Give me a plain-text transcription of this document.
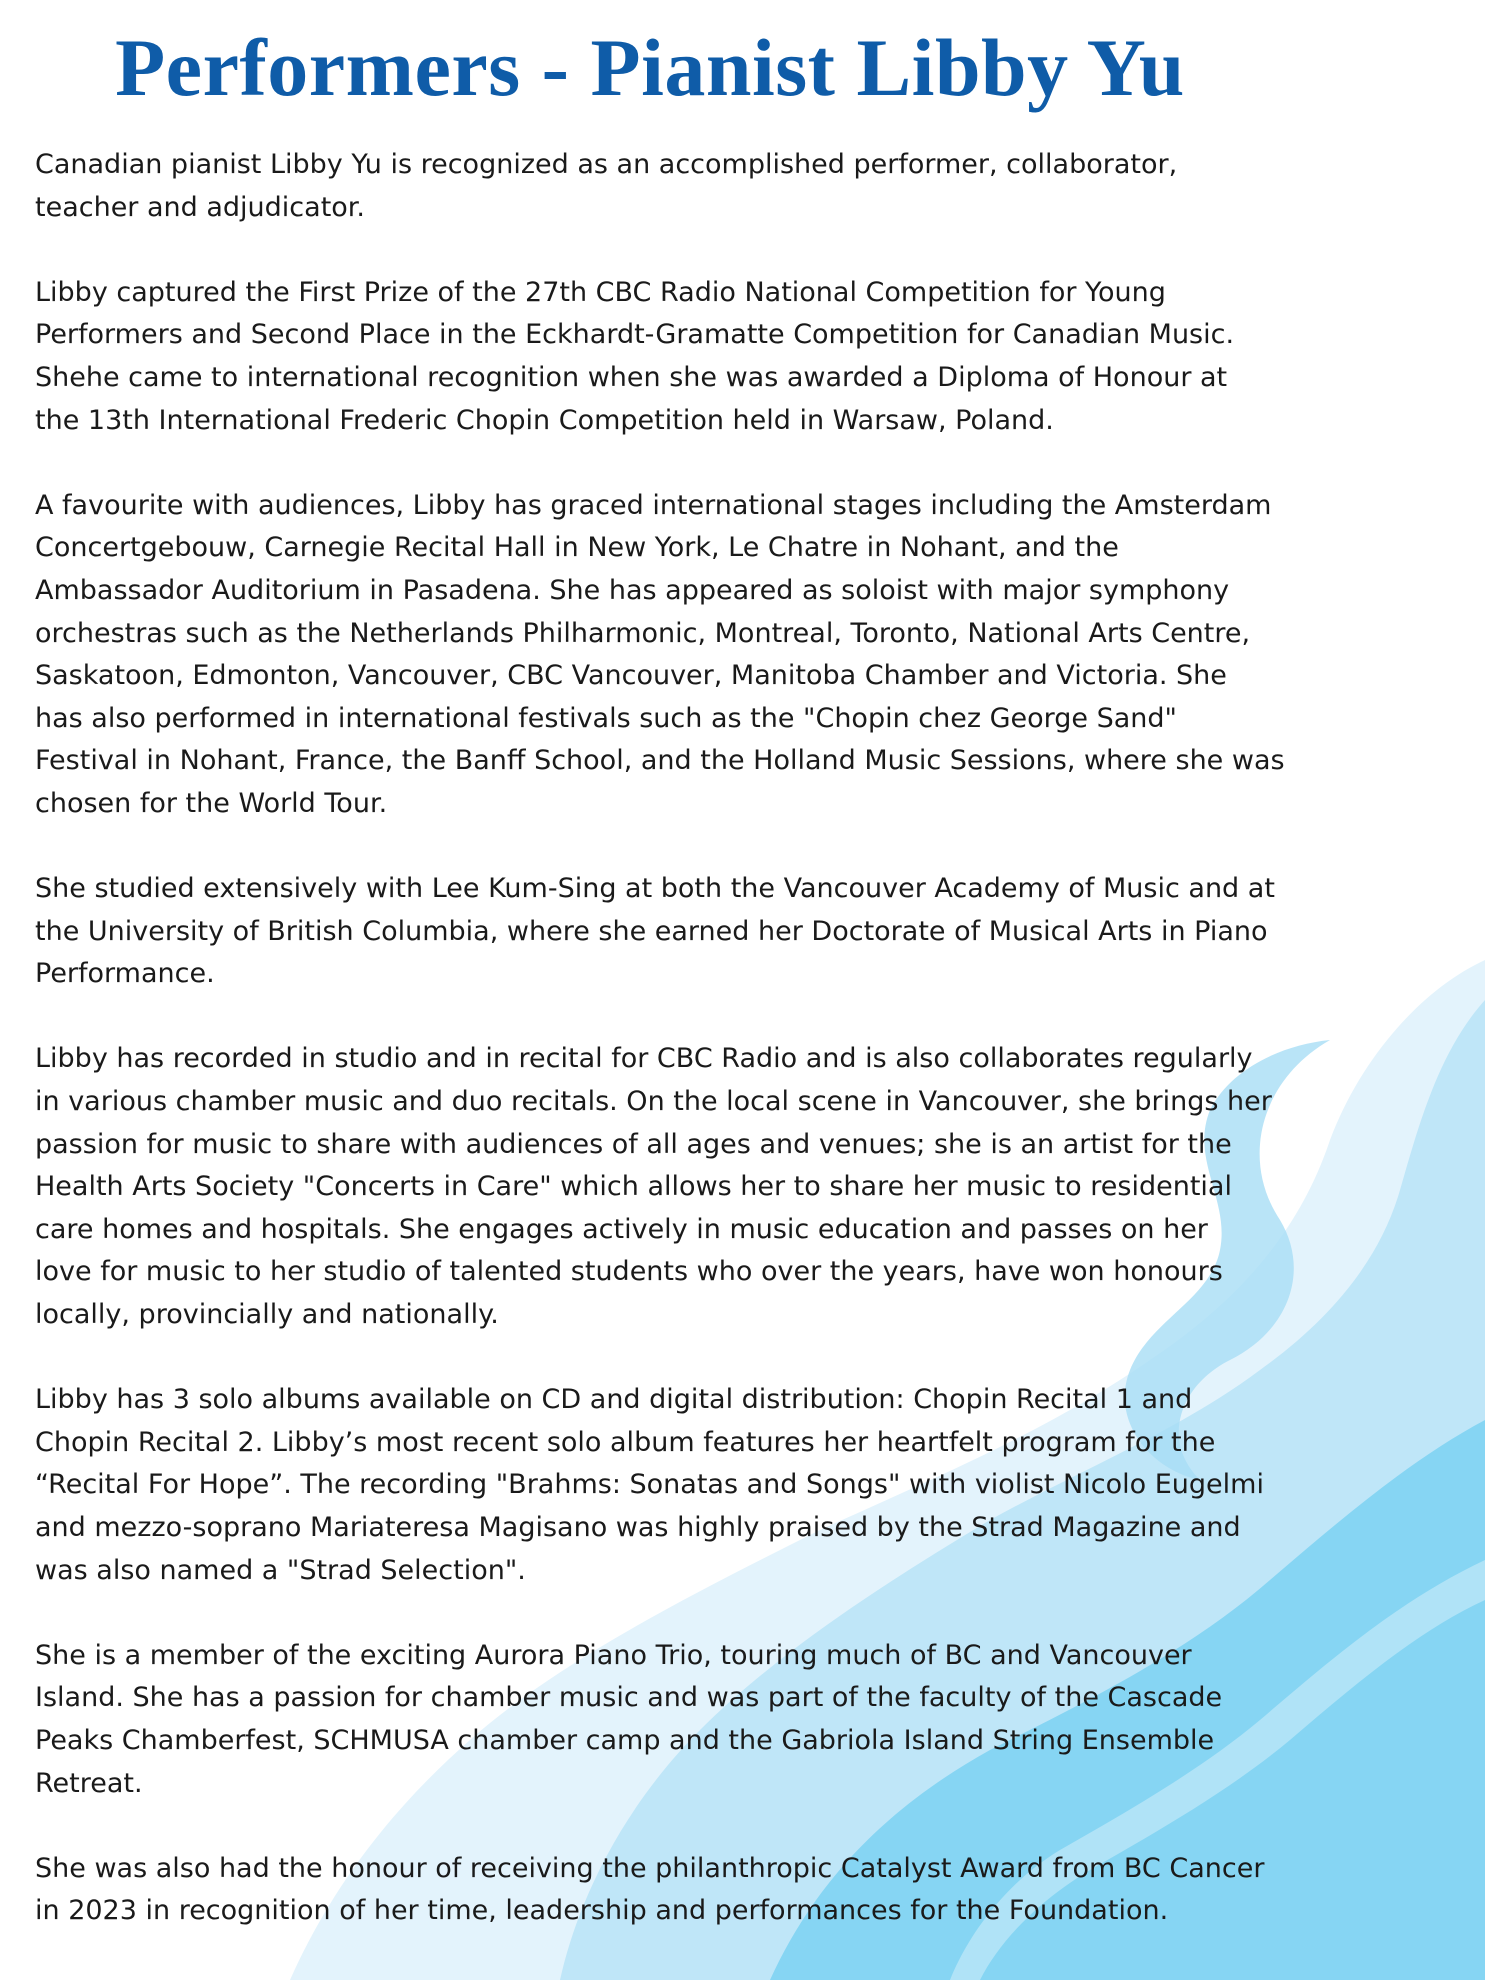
Performers - Pianist Libby Yu

Canadian pianist Libby Yu is recognized as an accomplished performer, collaborator,
teacher and adjudicator.

Libby captured the First Prize of the 27th CBC Radio National Competition for Young
Performers and Second Place in the Eckhardt-Gramatte Competition for Canadian Music.
Shehe came to international recognition when she was awarded a Diploma of Honour at
the 13th International Frederic Chopin Competition held in Warsaw, Poland.

A favourite with audiences, Libby has graced international stages including the Amsterdam
Concertgebouw, Carnegie Recital Hall in New York, Le Chatre in Nohant, and the
Ambassador Auditorium in Pasadena. She has appeared as soloist with major symphony
orchestras such as the Netherlands Philharmonic, Montreal, Toronto, National Arts Centre,
Saskatoon, Edmonton, Vancouver, CBC Vancouver, Manitoba Chamber and Victoria. She
has also performed in international festivals such as the "Chopin chez George Sand"
Festival in Nohant, France, the Banff School, and the Holland Music Sessions, where she was
chosen for the World Tour.

She studied extensively with Lee Kum-Sing at both the Vancouver Academy of Music and at
the University of British Columbia, where she earned her Doctorate of Musical Arts in Piano
Performance.

Libby has recorded in studio and in recital for CBC Radio and is also collaborates regularly
in various chamber music and duo recitals. On the local scene in Vancouver, she brings her
passion for music to share with audiences of all ages and venues; she is an artist for the
Health Arts Society "Concerts in Care" which allows her to share her music to residential
care homes and hospitals. She engages actively in music education and passes on her
love for music to her studio of talented students who over the years, have won honours
locally, provincially and nationally.

Libby has 3 solo albums available on CD and digital distribution: Chopin Recital 1 and
Chopin Recital 2. Libby’s most recent solo album features her heartfelt program for the
“Recital For Hope”. The recording "Brahms: Sonatas and Songs" with violist Nicolo Eugelmi
and mezzo-soprano Mariateresa Magisano was highly praised by the Strad Magazine and
was also named a "Strad Selection".

She is a member of the exciting Aurora Piano Trio, touring much of BC and Vancouver
Island. She has a passion for chamber music and was part of the faculty of the Cascade
Peaks Chamberfest, SCHMUSA chamber camp and the Gabriola Island String Ensemble
Retreat.

She was also had the honour of receiving the philanthropic Catalyst Award from BC Cancer
in 2023 in recognition of her time, leadership and performances for the Foundation.
